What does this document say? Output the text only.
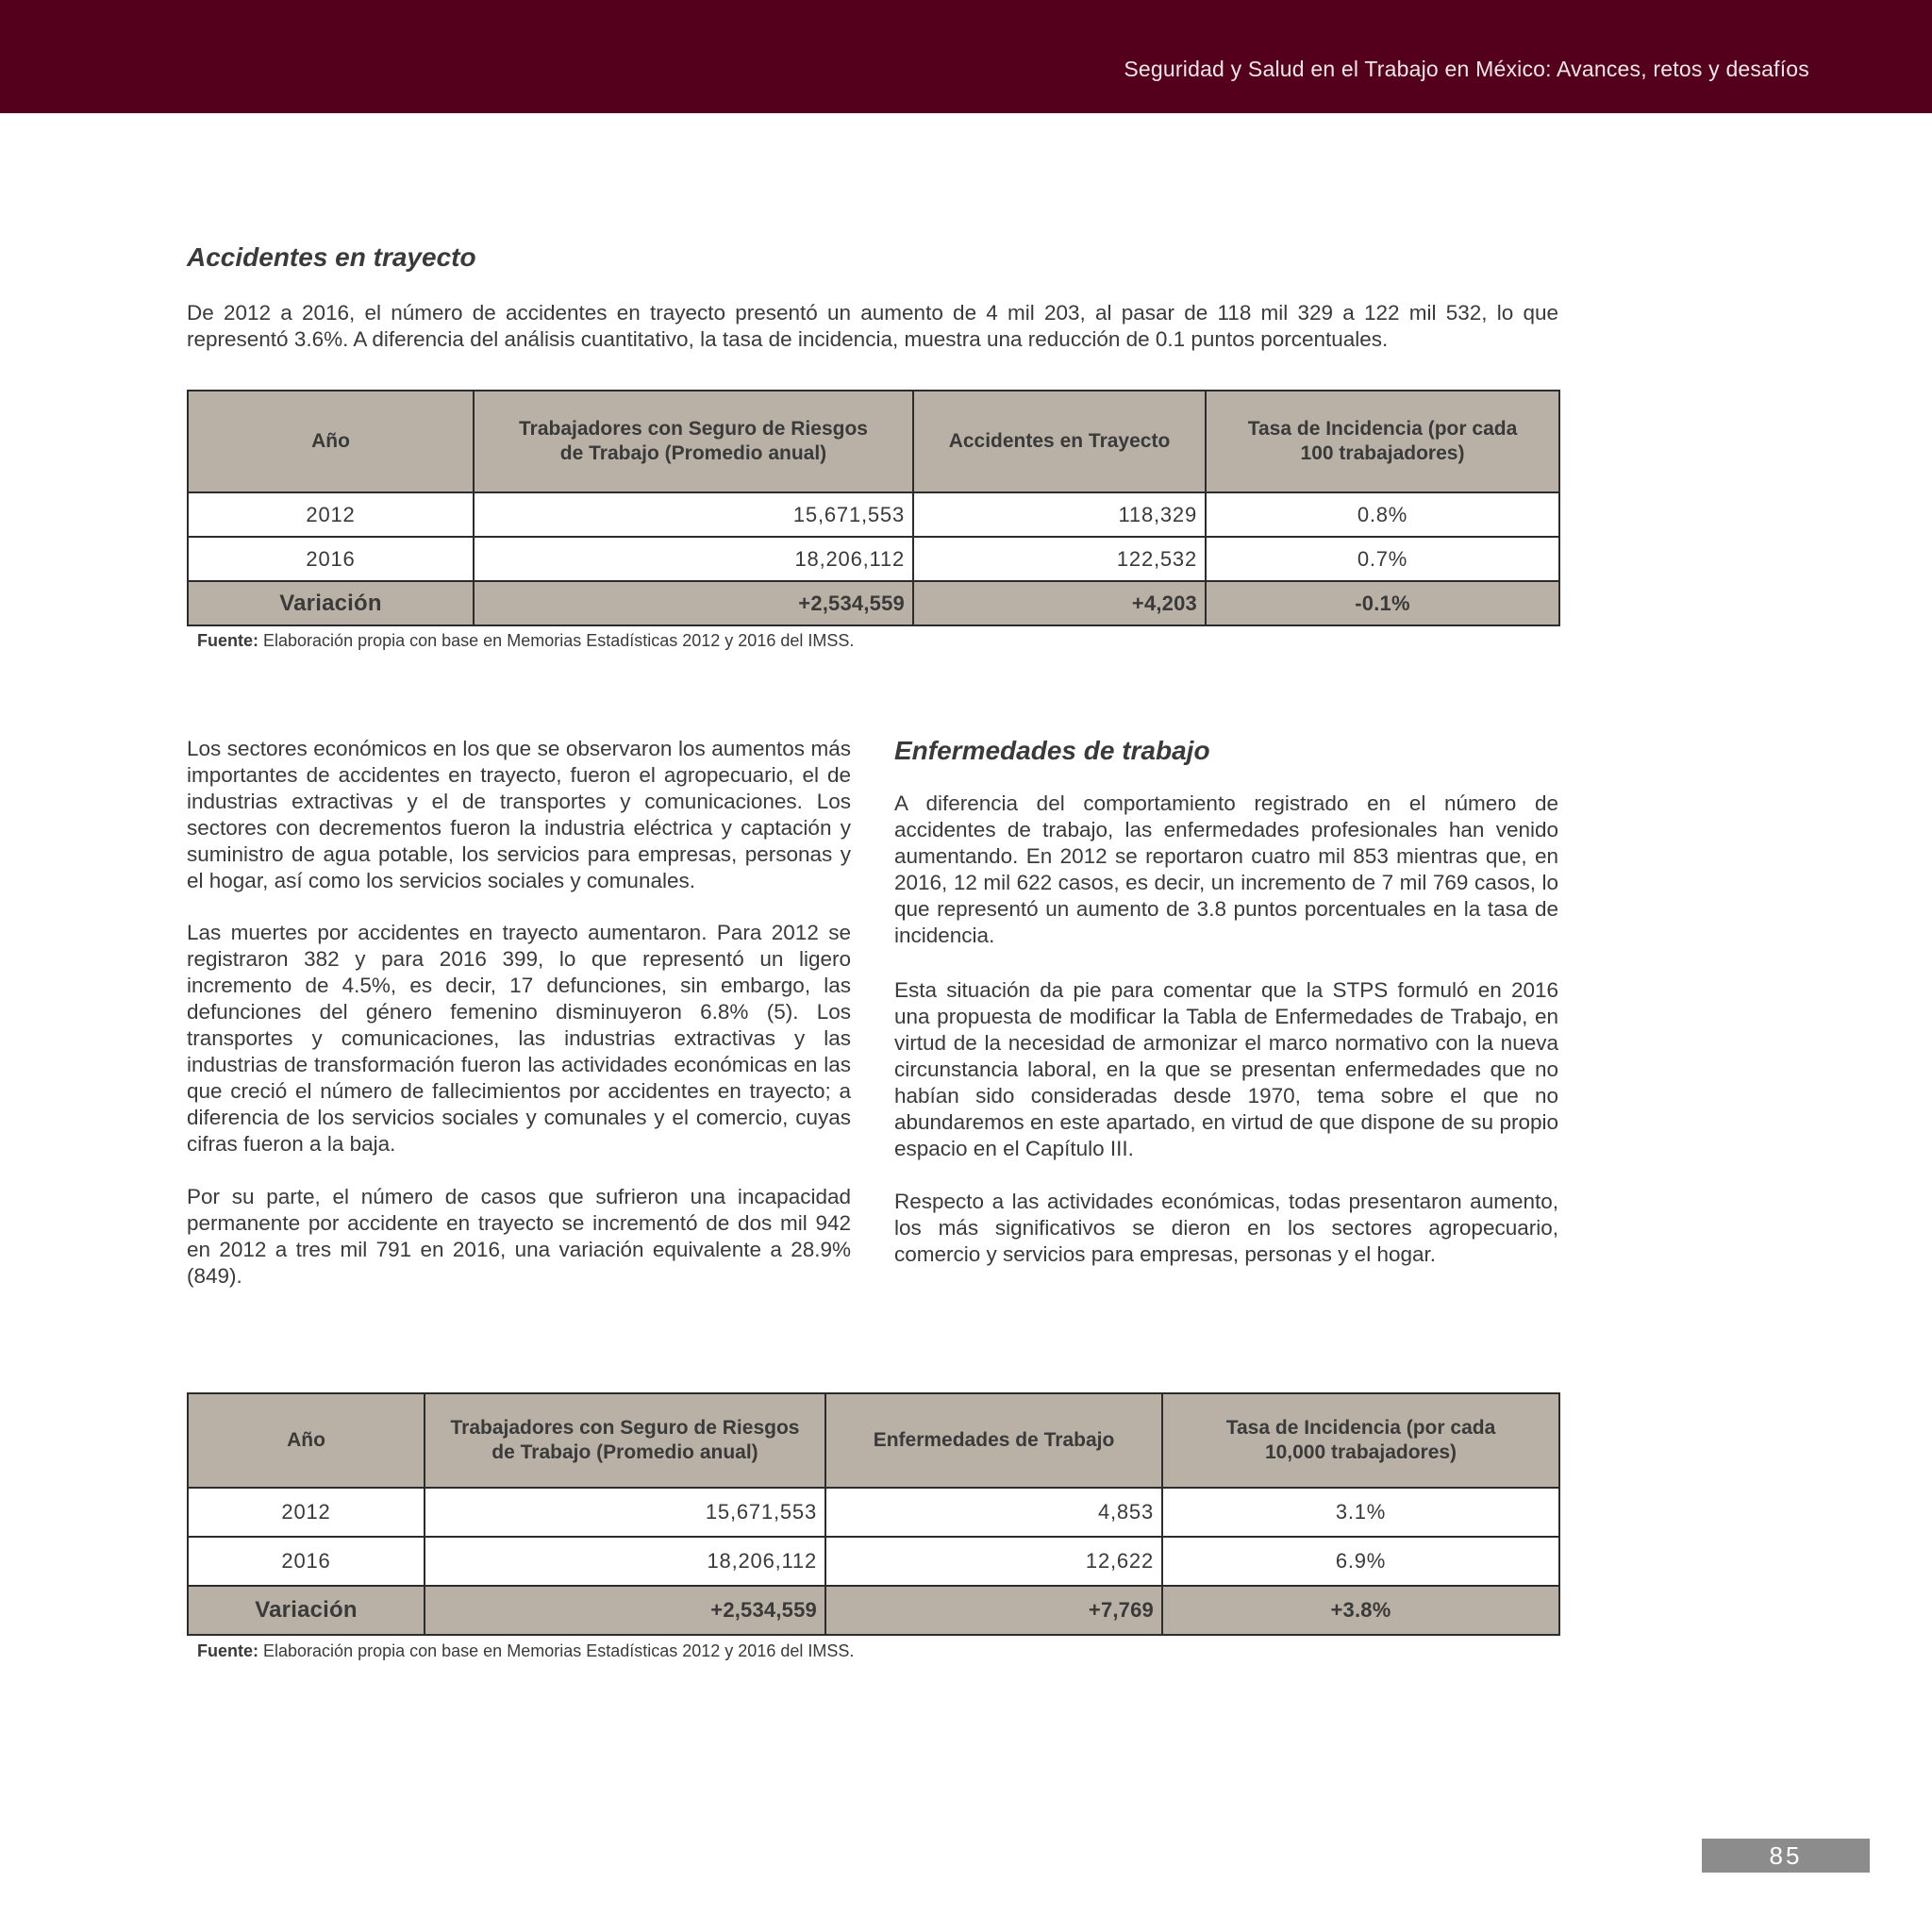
Seguridad y Salud en el Trabajo en México: Avances, retos y desafíos
Accidentes en trayecto
De 2012 a 2016, el número de accidentes en trayecto presentó un aumento de 4 mil 203, al pasar de 118 mil 329 a 122 mil 532, lo que representó 3.6%. A diferencia del análisis cuantitativo, la tasa de incidencia, muestra una reducción de 0.1 puntos porcentuales.
Año	Trabajadores con Seguro de Riesgos de Trabajo (Promedio anual)	Accidentes en Trayecto	Tasa de Incidencia (por cada 100 trabajadores)

2012	15,671,553	118,329	0.8%
2016	18,206,112	122,532	0.7%
Variación	+2,534,559	+4,203	-0.1%
Fuente: Elaboración propia con base en Memorias Estadísticas 2012 y 2016 del IMSS.
Los sectores económicos en los que se observaron los aumentos más importantes de accidentes en trayecto, fueron el agropecuario, el de industrias extractivas y el de transportes y comunicaciones. Los sectores con decrementos fueron la industria eléctrica y captación y suministro de agua potable, los servicios para empresas, personas y el hogar, así como los servicios sociales y comunales.
Las muertes por accidentes en trayecto aumentaron. Para 2012 se registraron 382 y para 2016 399, lo que representó un ligero incremento de 4.5%, es decir, 17 defunciones, sin embargo, las defunciones del género femenino disminuyeron 6.8% (5). Los transportes y comunicaciones, las industrias extractivas y las industrias de transformación fueron las actividades económicas en las que creció el número de fallecimientos por accidentes en trayecto; a diferencia de los servicios sociales y comunales y el comercio, cuyas cifras fueron a la baja.
Por su parte, el número de casos que sufrieron una incapacidad permanente por accidente en trayecto se incrementó de dos mil 942 en 2012 a tres mil 791 en 2016, una variación equivalente a 28.9% (849).
Enfermedades de trabajo
A diferencia del comportamiento registrado en el número de accidentes de trabajo, las enfermedades profesionales han venido aumentando. En 2012 se reportaron cuatro mil 853 mientras que, en 2016, 12 mil 622 casos, es decir, un incremento de 7 mil 769 casos, lo que representó un aumento de 3.8 puntos porcentuales en la tasa de incidencia.
Esta situación da pie para comentar que la STPS formuló en 2016 una propuesta de modificar la Tabla de Enfermedades de Trabajo, en virtud de la necesidad de armonizar el marco normativo con la nueva circunstancia laboral, en la que se presentan enfermedades que no habían sido consideradas desde 1970, tema sobre el que no abundaremos en este apartado, en virtud de que dispone de su propio espacio en el Capítulo III.
Respecto a las actividades económicas, todas presentaron aumento, los más significativos se dieron en los sectores agropecuario, comercio y servicios para empresas, personas y el hogar.
Año	Trabajadores con Seguro de Riesgos de Trabajo (Promedio anual)	Enfermedades de Trabajo	Tasa de Incidencia (por cada 10,000 trabajadores)

2012	15,671,553	4,853	3.1%
2016	18,206,112	12,622	6.9%
Variación	+2,534,559	+7,769	+3.8%
Fuente: Elaboración propia con base en Memorias Estadísticas 2012 y 2016 del IMSS.
85
